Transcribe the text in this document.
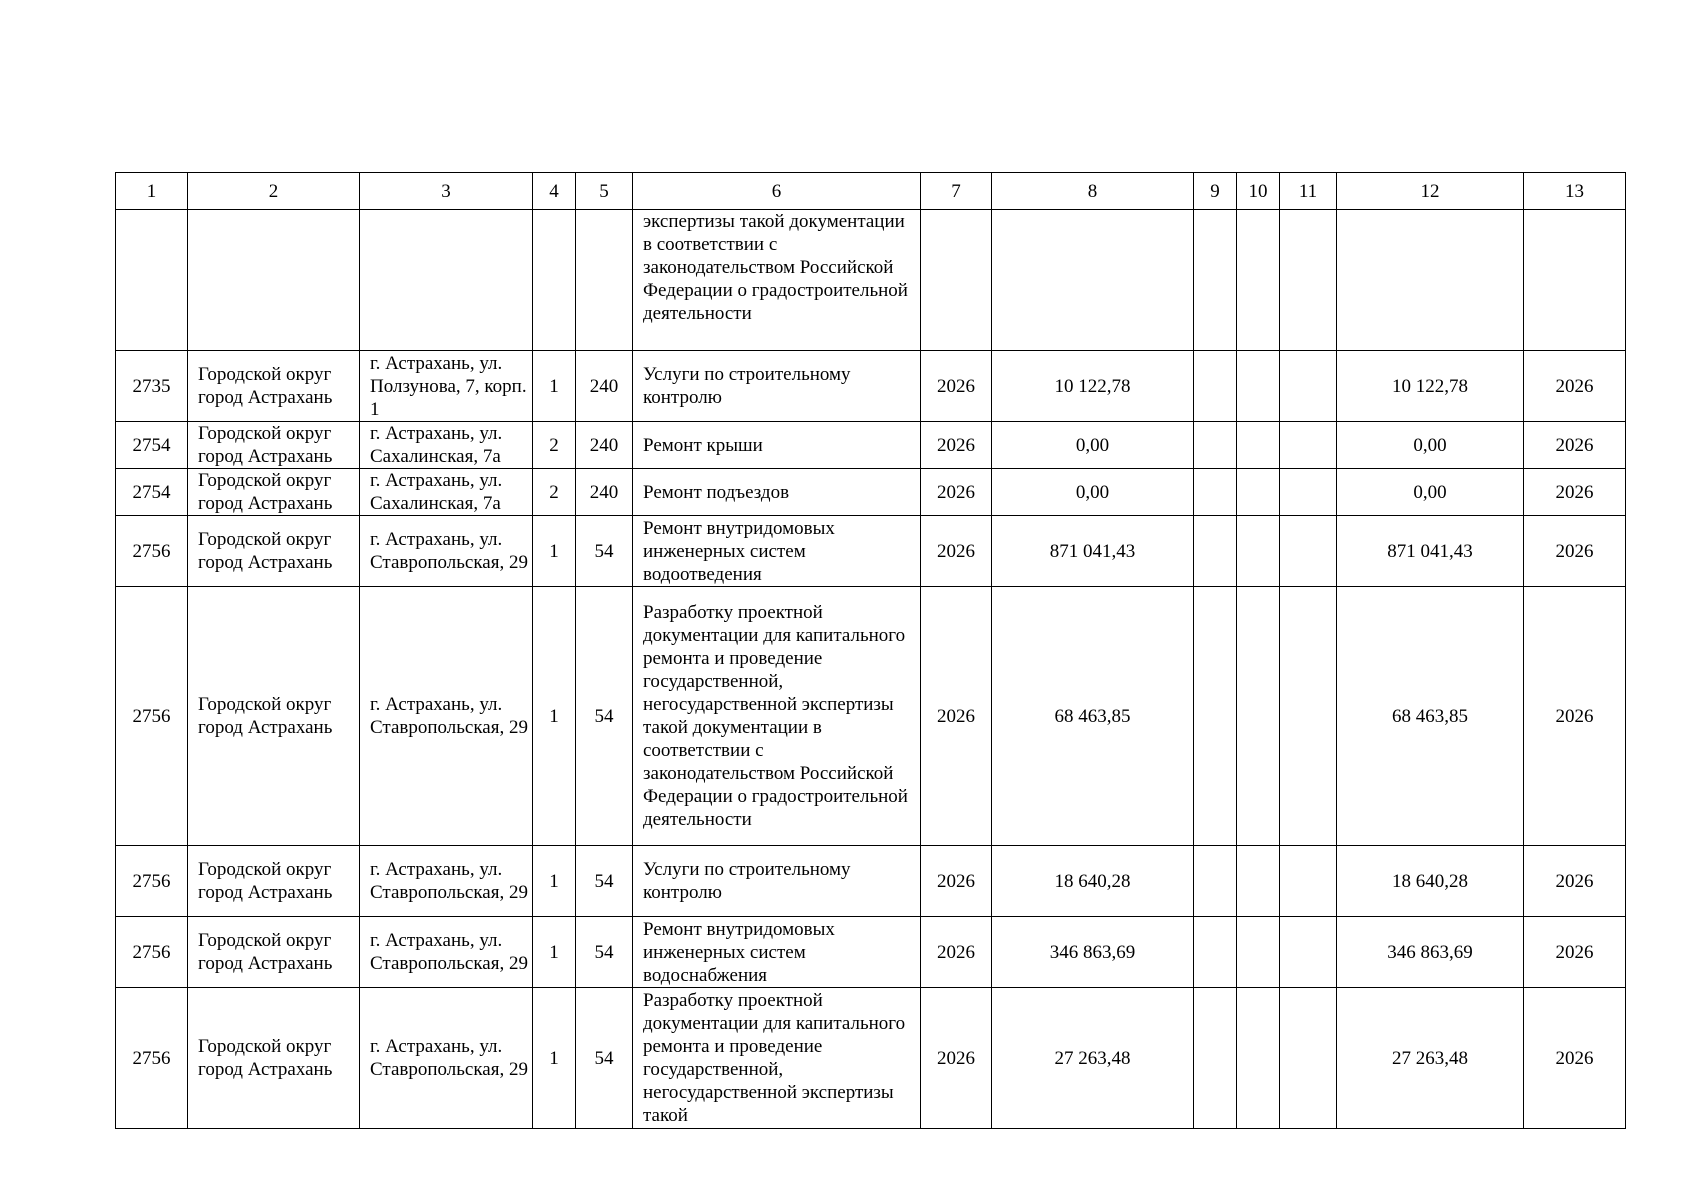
1	2	3	4	5	6	7	8	9	10	11	12	13
					экспертизы такой документации в соответствии с законодательством Российской Федерации о градостроительной деятельности							
2735	Городской округ город Астрахань	г. Астрахань, ул. Ползунова, 7, корп. 1	1	240	Услуги по строительному контролю	2026	10 122,78				10 122,78	2026
2754	Городской округ город Астрахань	г. Астрахань, ул. Сахалинская, 7а	2	240	Ремонт крыши	2026	0,00				0,00	2026
2754	Городской округ город Астрахань	г. Астрахань, ул. Сахалинская, 7а	2	240	Ремонт подъездов	2026	0,00				0,00	2026
2756	Городской округ город Астрахань	г. Астрахань, ул. Ставропольская, 29	1	54	Ремонт внутридомовых инженерных систем водоотведения	2026	871 041,43				871 041,43	2026
2756	Городской округ город Астрахань	г. Астрахань, ул. Ставропольская, 29	1	54	Разработку проектной документации для капитального ремонта и проведение государственной, негосударственной экспертизы такой документации в соответствии с законодательством Российской Федерации о градостроительной деятельности	2026	68 463,85				68 463,85	2026
2756	Городской округ город Астрахань	г. Астрахань, ул. Ставропольская, 29	1	54	Услуги по строительному контролю	2026	18 640,28				18 640,28	2026
2756	Городской округ город Астрахань	г. Астрахань, ул. Ставропольская, 29	1	54	Ремонт внутридомовых инженерных систем водоснабжения	2026	346 863,69				346 863,69	2026
2756	Городской округ город Астрахань	г. Астрахань, ул. Ставропольская, 29	1	54	Разработку проектной документации для капитального ремонта и проведение государственной, негосударственной экспертизы такой	2026	27 263,48				27 263,48	2026
